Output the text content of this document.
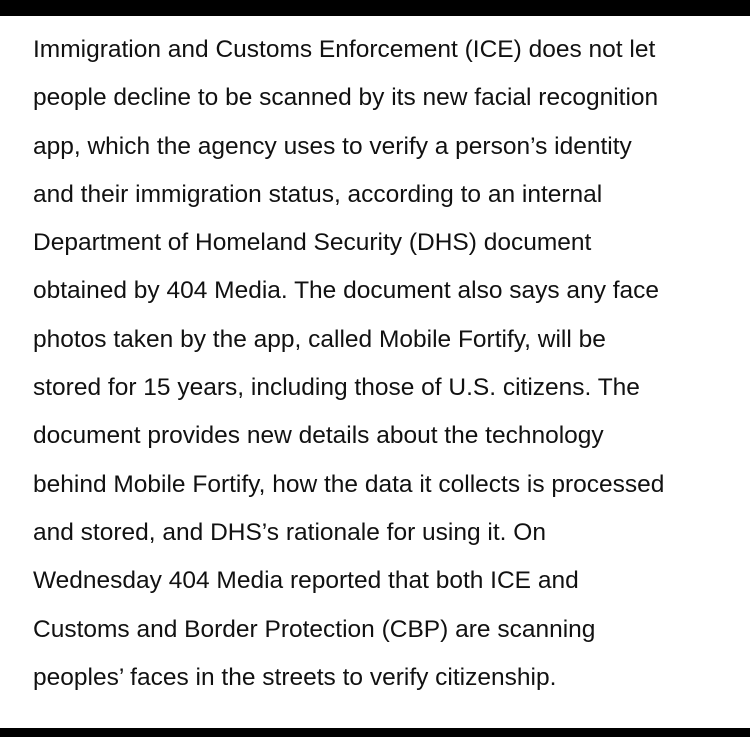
Immigration and Customs Enforcement (ICE) does not let
people decline to be scanned by its new facial recognition
app, which the agency uses to verify a person’s identity
and their immigration status, according to an internal
Department of Homeland Security (DHS) document
obtained by 404 Media. The document also says any face
photos taken by the app, called Mobile Fortify, will be
stored for 15 years, including those of U.S. citizens. The
document provides new details about the technology
behind Mobile Fortify, how the data it collects is processed
and stored, and DHS’s rationale for using it. On
Wednesday 404 Media reported that both ICE and
Customs and Border Protection (CBP) are scanning
peoples’ faces in the streets to verify citizenship.
